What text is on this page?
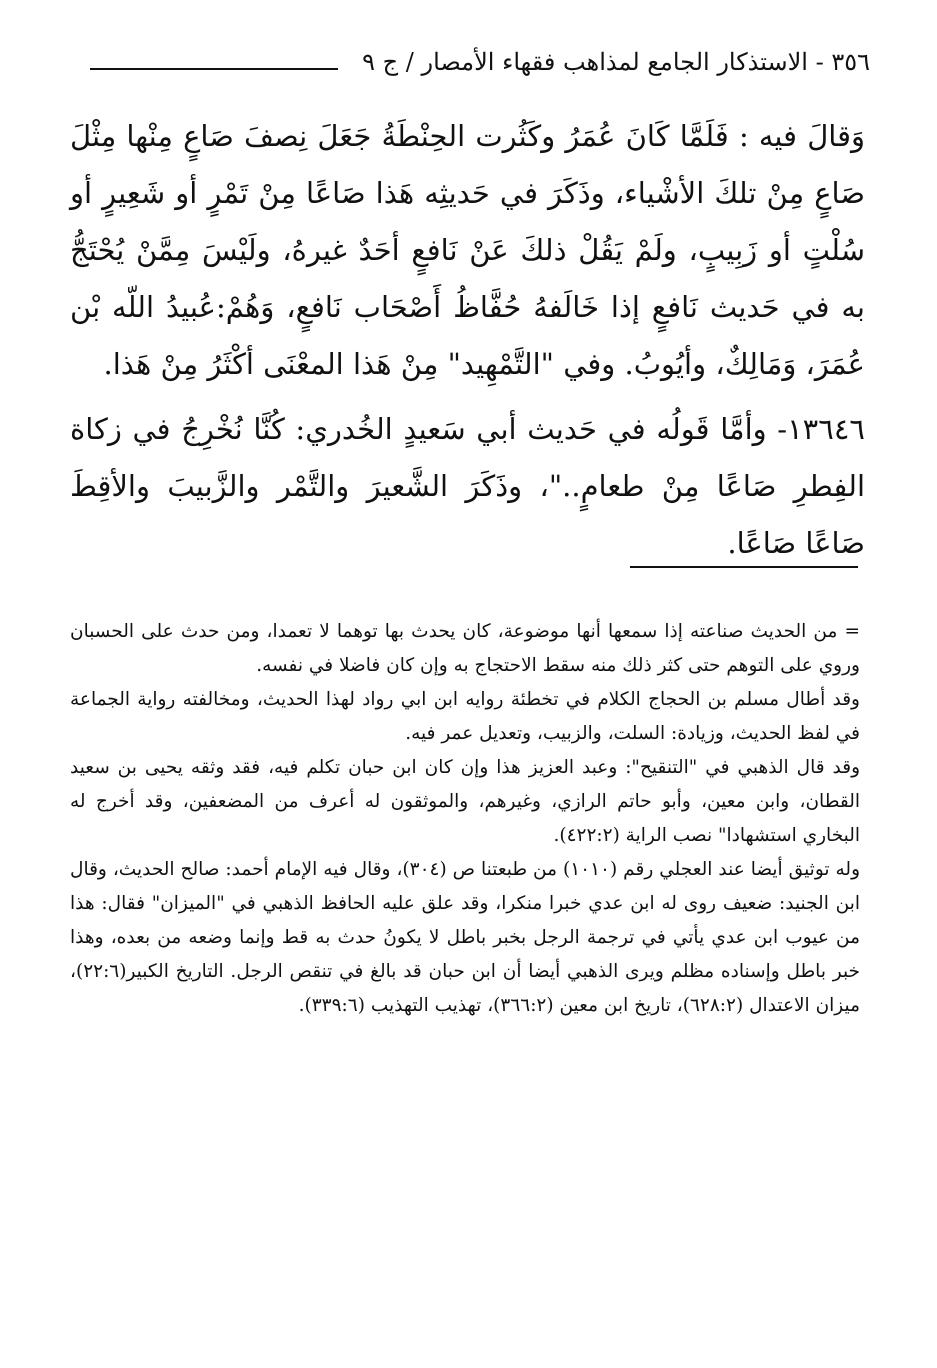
٣٥٦ - الاستذكار الجامع لمذاهب فقهاء الأمصار / ج ٩

وَقالَ فيه : فَلَمَّا كَانَ عُمَرُ وكَثُرت الحِنْطَةُ جَعَلَ نِصفَ صَاعٍ مِنْها مِثْلَ صَاعٍ مِنْ تلكَ الأشْياء، وذَكَرَ في حَديثِه هَذا صَاعًا مِنْ تَمْرٍ أو شَعِيرٍ أو سُلْتٍ أو زَبِيبٍ، ولَمْ يَقُلْ ذلكَ عَنْ نَافعٍ أحَدٌ غيرهُ، ولَيْسَ مِمَّنْ يُحْتَجُّ به في حَديث نَافعٍ إذا خَالَفهُ حُفَّاظُ أَصْحَاب نَافعٍ، وَهُمْ:عُبيدُ اللّه بْن عُمَرَ، وَمَالِكٌ، وأيُوبُ. وفي "التَّمْهِيد" مِنْ هَذا المعْنَى أكْثَرُ مِنْ هَذا.

١٣٦٤٦- وأمَّا قَولُه في حَديث أبي سَعيدٍ الخُدري: كُنَّا نُخْرِجُ في زكاة الفِطرِ صَاعًا مِنْ طعامٍ.."، وذَكَرَ الشَّعيرَ والتَّمْر والزَّبيبَ والأقِطَ صَاعًا صَاعًا.

= من الحديث صناعته إذا سمعها أنها موضوعة، كان يحدث بها توهما لا تعمدا، ومن حدث على الحسبان وروي على التوهم حتى كثر ذلك منه سقط الاحتجاج به وإن كان فاضلا في نفسه.

وقد أطال مسلم بن الحجاج الكلام في تخطئة روايه ابن ابي رواد لهذا الحديث، ومخالفته رواية الجماعة في لفظ الحديث، وزيادة: السلت، والزبيب، وتعديل عمر فيه.

وقد قال الذهبي في "التنقيح": وعبد العزيز هذا وإن كان ابن حبان تكلم فيه، فقد وثقه يحيى بن سعيد القطان، وابن معين، وأبو حاتم الرازي، وغيرهم، والموثقون له أعرف من المضعفين، وقد أخرج له البخاري استشهادا" نصب الراية (٤٢٢:٢).

وله توثيق أيضا عند العجلي رقم (١٠١٠) من طبعتنا ص (٣٠٤)، وقال فيه الإمام أحمد: صالح الحديث، وقال ابن الجنيد: ضعيف روى له ابن عدي خبرا منكرا، وقد علق عليه الحافظ الذهبي في "الميزان" فقال: هذا من عيوب ابن عدي يأتي في ترجمة الرجل بخبر باطل لا يكونُ حدث به قط وإنما وضعه من بعده، وهذا خبر باطل وإسناده مظلم ويرى الذهبي أيضا أن ابن حبان قد بالغ في تنقص الرجل. التاريخ الكبير(٢٢:٦)، ميزان الاعتدال (٦٢٨:٢)، تاريخ ابن معين (٣٦٦:٢)، تهذيب التهذيب (٣٣٩:٦).
